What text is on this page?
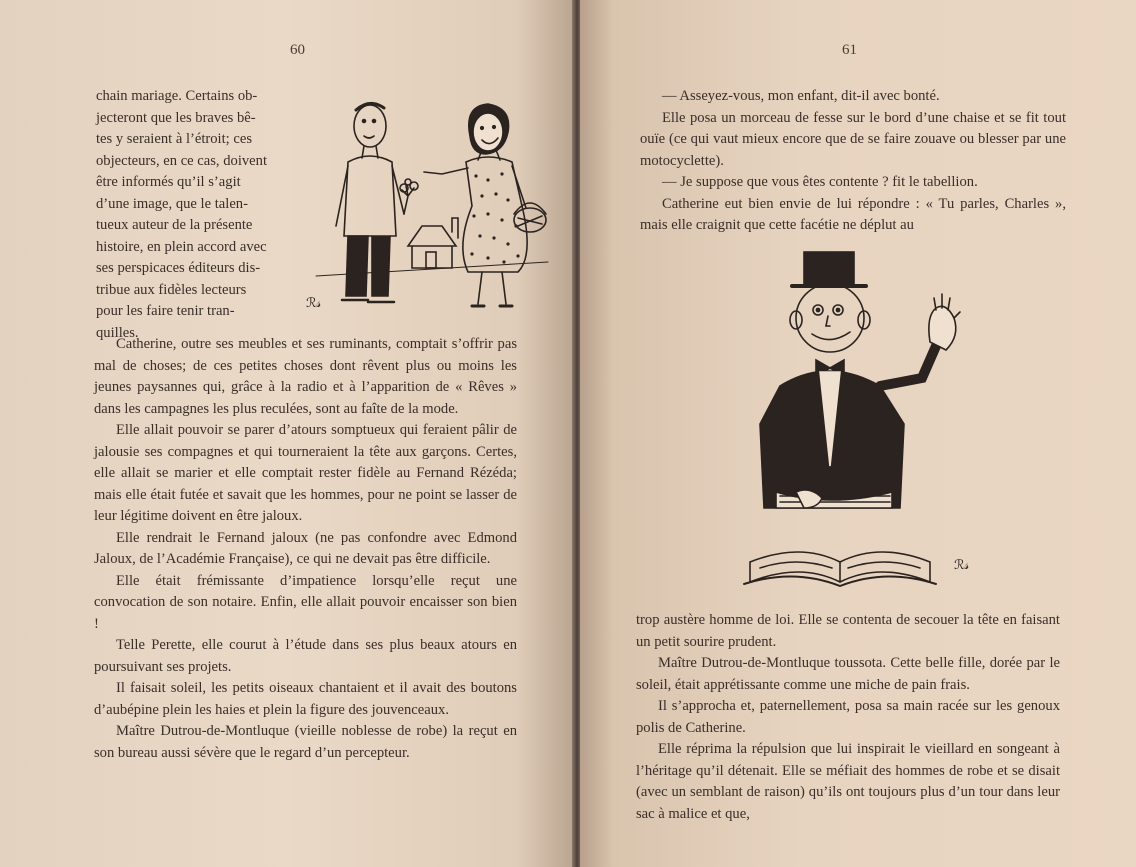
60

chain mariage. Certains ob-

jecteront que les braves bê-

tes y seraient à l’étroit; ces

objecteurs, en ce cas, doivent

être informés qu’il s’agit

d’une image, que le talen-

tueux auteur de la présente

histoire, en plein accord avec

ses perspicaces éditeurs dis-

tribue aux fidèles lecteurs

pour les faire tenir tran-

quilles.

ℛ𝓈

Catherine, outre ses meubles et ses ruminants, comptait s’offrir pas mal de choses; de ces petites choses dont rêvent plus ou moins les jeunes paysannes qui, grâce à la radio et à l’apparition de « Rêves » dans les campagnes les plus reculées, sont au faîte de la mode.

Elle allait pouvoir se parer d’atours somptueux qui feraient pâlir de jalousie ses compagnes et qui tourneraient la tête aux garçons. Certes, elle allait se marier et elle comptait rester fidèle au Fernand Rézéda; mais elle était futée et savait que les hommes, pour ne point se lasser de leur légitime doivent en être jaloux.

Elle rendrait le Fernand jaloux (ne pas confondre avec Edmond Jaloux, de l’Académie Française), ce qui ne devait pas être difficile.

Elle était frémissante d’impatience lorsqu’elle reçut une convocation de son notaire. Enfin, elle allait pouvoir encaisser son bien !

Telle Perette, elle courut à l’étude dans ses plus beaux atours en poursuivant ses projets.

Il faisait soleil, les petits oiseaux chantaient et il avait des boutons d’aubépine plein les haies et plein la figure des jouvenceaux.

Maître Dutrou-de-Montluque (vieille noblesse de robe) la reçut en son bureau aussi sévère que le regard d’un percepteur.

61

— Asseyez-vous, mon enfant, dit-il avec bonté.

Elle posa un morceau de fesse sur le bord d’une chaise et se fit tout ouïe (ce qui vaut mieux encore que de se faire zouave ou blesser par une motocyclette).

— Je suppose que vous êtes contente ? fit le tabellion.

Catherine eut bien envie de lui répondre : « Tu parles, Charles », mais elle craignit que cette facétie ne déplut au

ℛ𝓈

trop austère homme de loi. Elle se contenta de secouer la tête en faisant un petit sourire prudent.

Maître Dutrou-de-Montluque toussota. Cette belle fille, dorée par le soleil, était apprétissante comme une miche de pain frais.

Il s’approcha et, paternellement, posa sa main racée sur les genoux polis de Catherine.

Elle réprima la répulsion que lui inspirait le vieillard en songeant à l’héritage qu’il détenait. Elle se méfiait des hommes de robe et se disait (avec un semblant de raison) qu’ils ont toujours plus d’un tour dans leur sac à malice et que,
